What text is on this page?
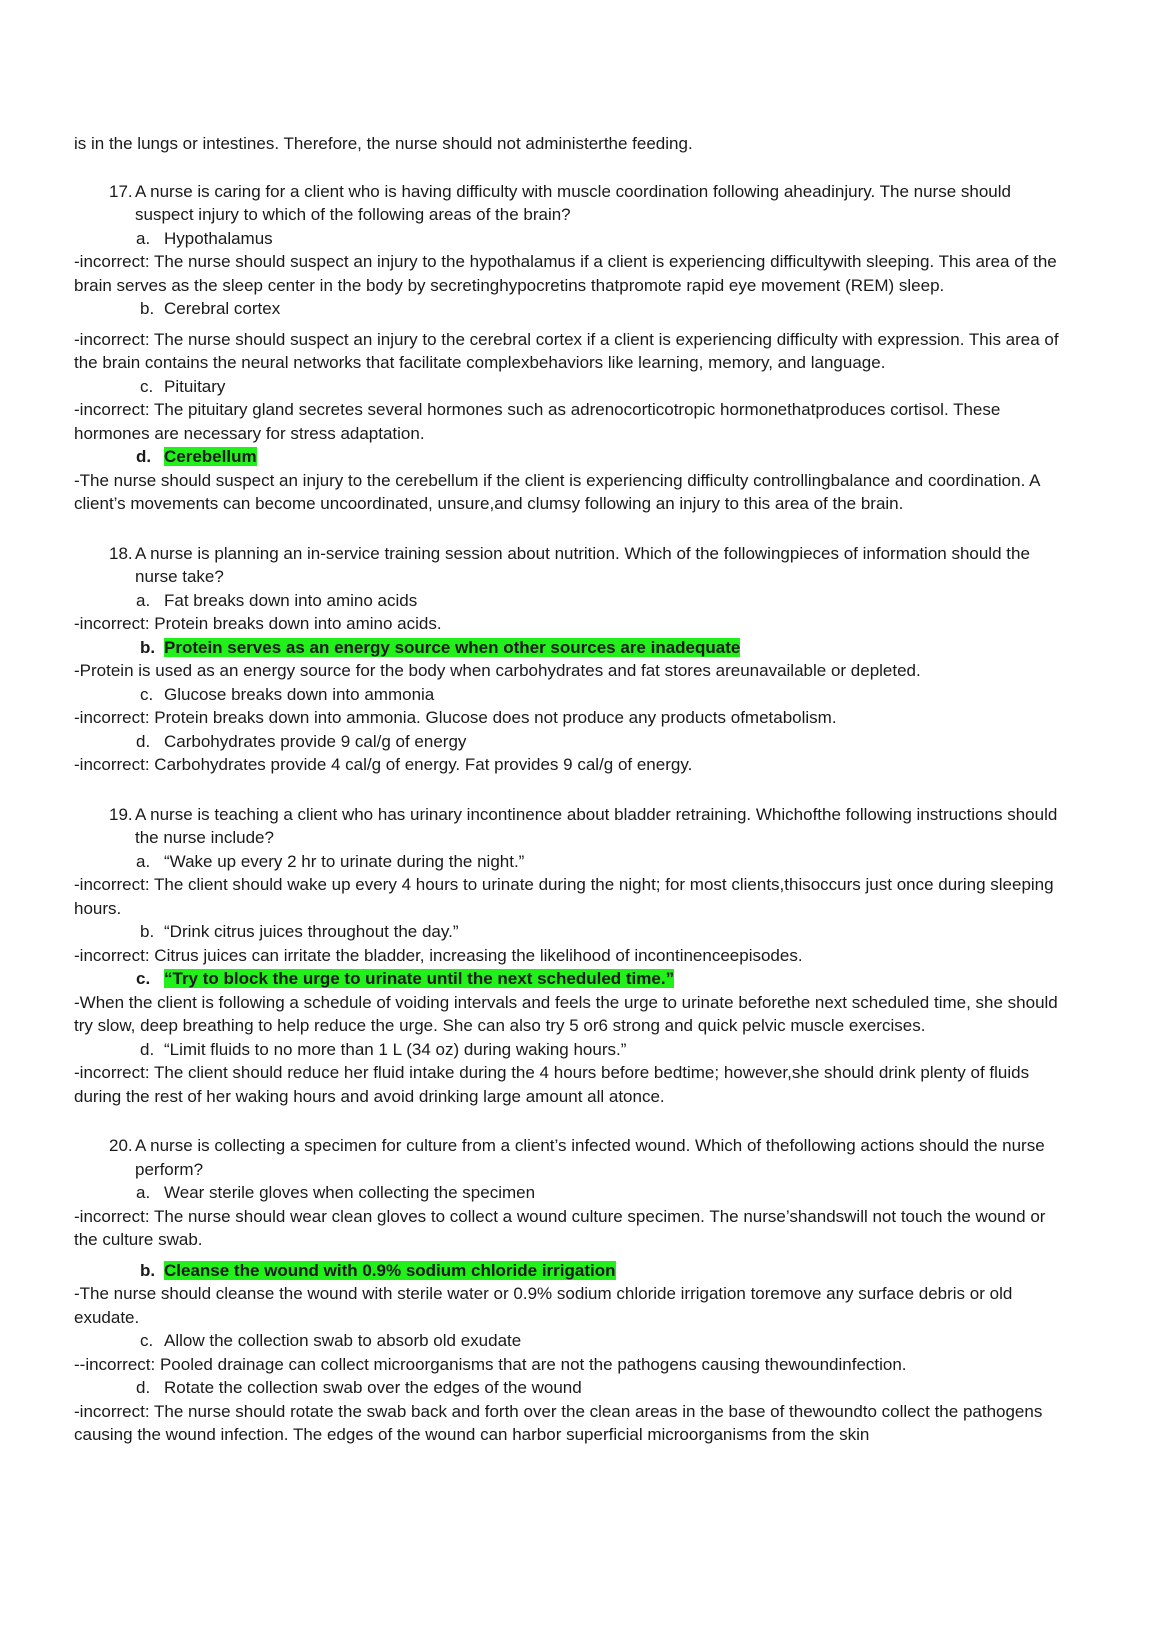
is in the lungs or intestines. Therefore, the nurse should not administerthe feeding.

17. A nurse is caring for a client who is having difficulty with muscle coordination following aheadinjury. The nurse should suspect injury to which of the following areas of the brain?

a. Hypothalamus

-incorrect: The nurse should suspect an injury to the hypothalamus if a client is experiencing difficultywith sleeping. This area of the brain serves as the sleep center in the body by secretinghypocretins thatpromote rapid eye movement (REM) sleep.

b. Cerebral cortex

-incorrect: The nurse should suspect an injury to the cerebral cortex if a client is experiencing difficulty with expression. This area of the brain contains the neural networks that facilitate complexbehaviors like learning, memory, and language.

c. Pituitary

-incorrect: The pituitary gland secretes several hormones such as adrenocorticotropic hormonethatproduces cortisol. These hormones are necessary for stress adaptation.

d. Cerebellum

-The nurse should suspect an injury to the cerebellum if the client is experiencing difficulty controllingbalance and coordination. A client’s movements can become uncoordinated, unsure,and clumsy following an injury to this area of the brain.

18. A nurse is planning an in-service training session about nutrition. Which of the followingpieces of information should the nurse take?

a. Fat breaks down into amino acids

-incorrect: Protein breaks down into amino acids.

b. Protein serves as an energy source when other sources are inadequate

-Protein is used as an energy source for the body when carbohydrates and fat stores areunavailable or depleted.

c. Glucose breaks down into ammonia

-incorrect: Protein breaks down into ammonia. Glucose does not produce any products ofmetabolism.

d. Carbohydrates provide 9 cal/g of energy

-incorrect: Carbohydrates provide 4 cal/g of energy. Fat provides 9 cal/g of energy.

19. A nurse is teaching a client who has urinary incontinence about bladder retraining. Whichofthe following instructions should the nurse include?

a. “Wake up every 2 hr to urinate during the night.”

-incorrect: The client should wake up every 4 hours to urinate during the night; for most clients,thisoccurs just once during sleeping hours.

b. “Drink citrus juices throughout the day.”

-incorrect: Citrus juices can irritate the bladder, increasing the likelihood of incontinenceepisodes.

c. “Try to block the urge to urinate until the next scheduled time.”

-When the client is following a schedule of voiding intervals and feels the urge to urinate beforethe next scheduled time, she should try slow, deep breathing to help reduce the urge. She can also try 5 or6 strong and quick pelvic muscle exercises.

d. “Limit fluids to no more than 1 L (34 oz) during waking hours.”

-incorrect: The client should reduce her fluid intake during the 4 hours before bedtime; however,she should drink plenty of fluids during the rest of her waking hours and avoid drinking large amount all atonce.

20. A nurse is collecting a specimen for culture from a client’s infected wound. Which of thefollowing actions should the nurse perform?

a. Wear sterile gloves when collecting the specimen

-incorrect: The nurse should wear clean gloves to collect a wound culture specimen. The nurse’shandswill not touch the wound or the culture swab.

b. Cleanse the wound with 0.9% sodium chloride irrigation

-The nurse should cleanse the wound with sterile water or 0.9% sodium chloride irrigation toremove any surface debris or old exudate.

c. Allow the collection swab to absorb old exudate

--incorrect: Pooled drainage can collect microorganisms that are not the pathogens causing thewoundinfection.

d. Rotate the collection swab over the edges of the wound

-incorrect: The nurse should rotate the swab back and forth over the clean areas in the base of thewoundto collect the pathogens causing the wound infection. The edges of the wound can harbor superficial microorganisms from the skin
